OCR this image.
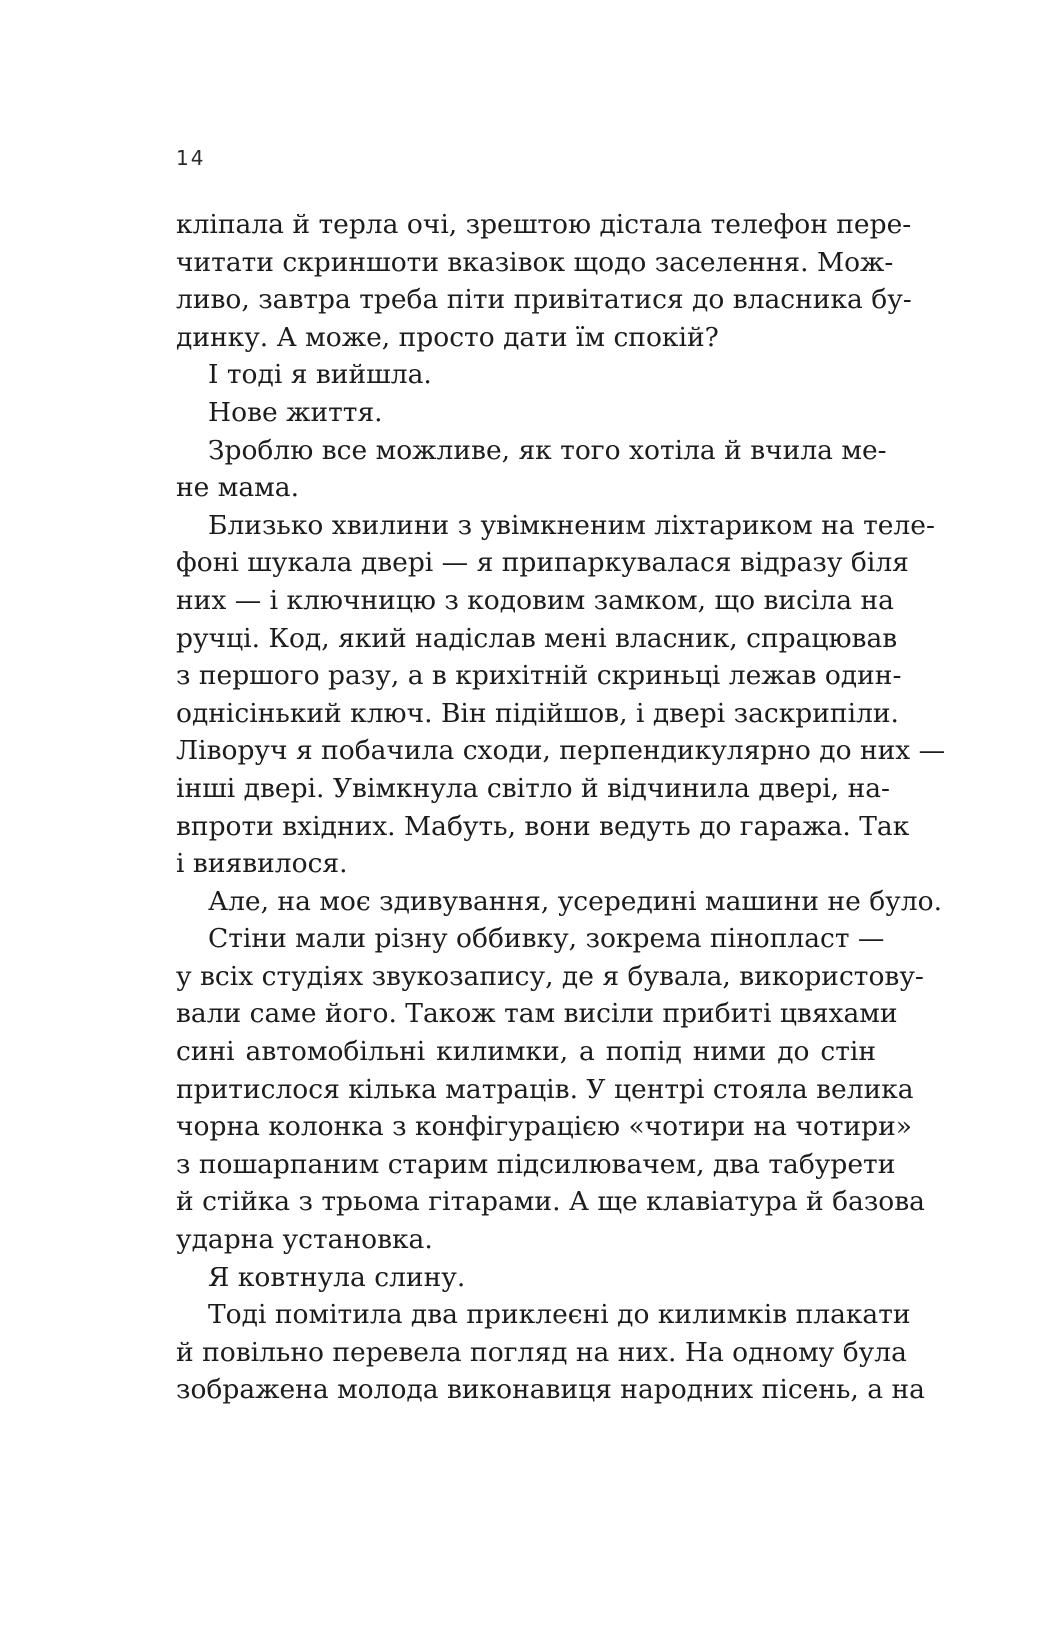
14
кліпала й терла очі, зрештою дістала телефон пере-
читати скриншоти вказівок щодо заселення. Мож-
ливо, завтра треба піти привітатися до власника бу-
динку. А може, просто дати їм спокій?
І тоді я вийшла.
Нове життя.
Зроблю все можливе, як того хотіла й вчила ме-
не мама.
Близько хвилини з увімкненим ліхтариком на теле-
фоні шукала двері — я припаркувалася відразу біля
них — і ключницю з кодовим замком, що висіла на
ручці. Код, який надіслав мені власник, спрацював
з першого разу, а в крихітній скриньці лежав один-
однісінький ключ. Він підійшов, і двері заскрипіли.
Ліворуч я побачила сходи, перпендикулярно до них —
інші двері. Увімкнула світло й відчинила двері, на-
впроти вхідних. Мабуть, вони ведуть до гаража. Так
і виявилося.
Але, на моє здивування, усередині машини не було.
Стіни мали різну оббивку, зокрема пінопласт —
у всіх студіях звукозапису, де я бувала, використову-
вали саме його. Також там висіли прибиті цвяхами
сині автомобільні килимки, а попід ними до стін
притислося кілька матраців. У центрі стояла велика
чорна колонка з конфігурацією «чотири на чотири»
з пошарпаним старим підсилювачем, два табурети
й стійка з трьома гітарами. А ще клавіатура й базова
ударна установка.
Я ковтнула слину.
Тоді помітила два приклеєні до килимків плакати
й повільно перевела погляд на них. На одному була
зображена молода виконавиця народних пісень, а на
